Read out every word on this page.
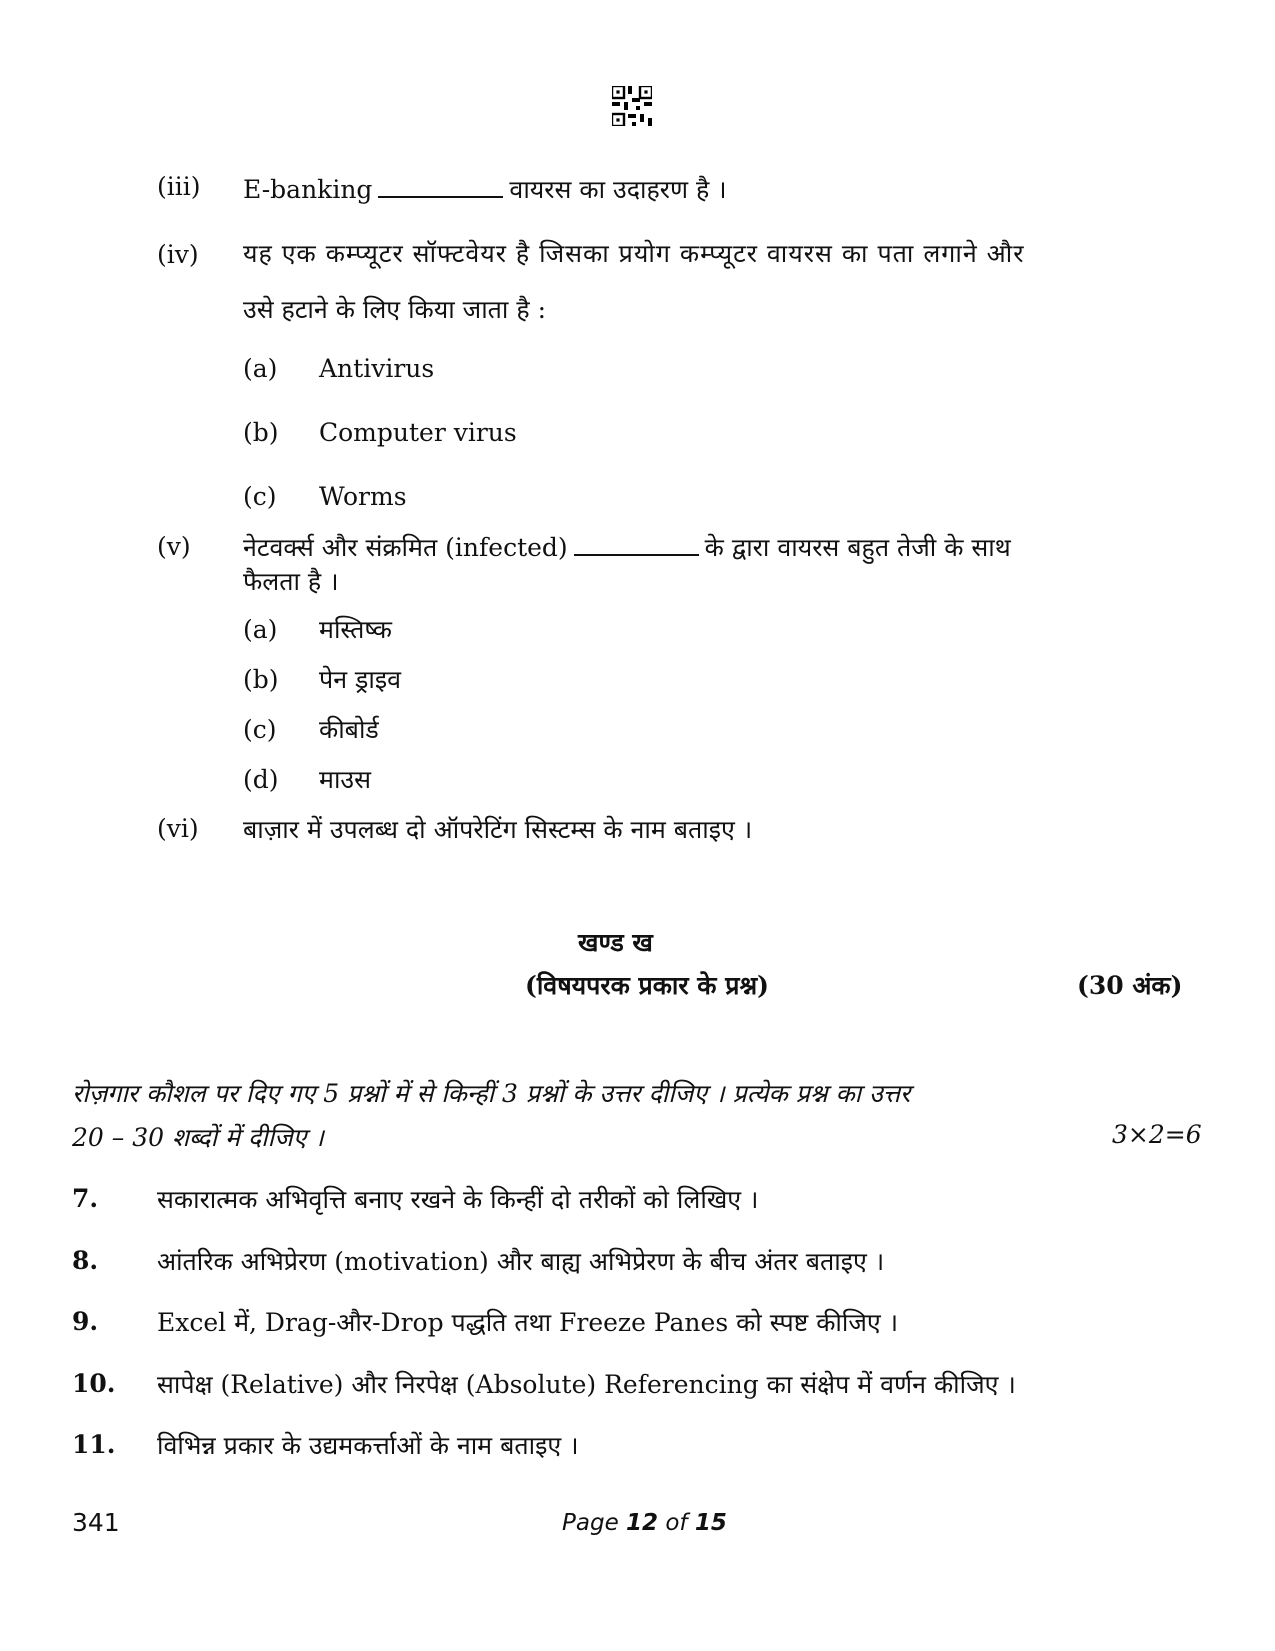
(iii) E-banking	वायरस का उदाहरण है ।
(iv) यह एक कम्प्यूटर सॉफ्टवेयर है जिसका प्रयोग कम्प्यूटर वायरस का पता लगाने और
उसे हटाने के लिए किया जाता है :
(a) Antivirus
(b) Computer virus
(c) Worms
(v) नेटवर्क्स और संक्रमित (infected)	के द्वारा वायरस बहुत तेजी के साथ
फैलता है ।
(a) मस्तिष्क
(b) पेन ड्राइव
(c) कीबोर्ड
(d) माउस
(vi) बाज़ार में उपलब्ध दो ऑपरेटिंग सिस्टम्स के नाम बताइए ।
खण्ड ख
(विषयपरक प्रकार के प्रश्न)	(30 अंक)
रोज़गार कौशल पर दिए गए 5 प्रश्नों में से किन्हीं 3 प्रश्नों के उत्तर दीजिए । प्रत्येक प्रश्न का उत्तर
20 – 30 शब्दों में दीजिए ।	3×2=6
7. सकारात्मक अभिवृत्ति बनाए रखने के किन्हीं दो तरीकों को लिखिए ।
8. आंतरिक अभिप्रेरण (motivation) और बाह्य अभिप्रेरण के बीच अंतर बताइए ।
9. Excel में, Drag-और-Drop पद्धति तथा Freeze Panes को स्पष्ट कीजिए ।
10. सापेक्ष (Relative) और निरपेक्ष (Absolute) Referencing का संक्षेप में वर्णन कीजिए ।
11. विभिन्न प्रकार के उद्यमकर्त्ताओं के नाम बताइए ।
341	Page 12 of 15
